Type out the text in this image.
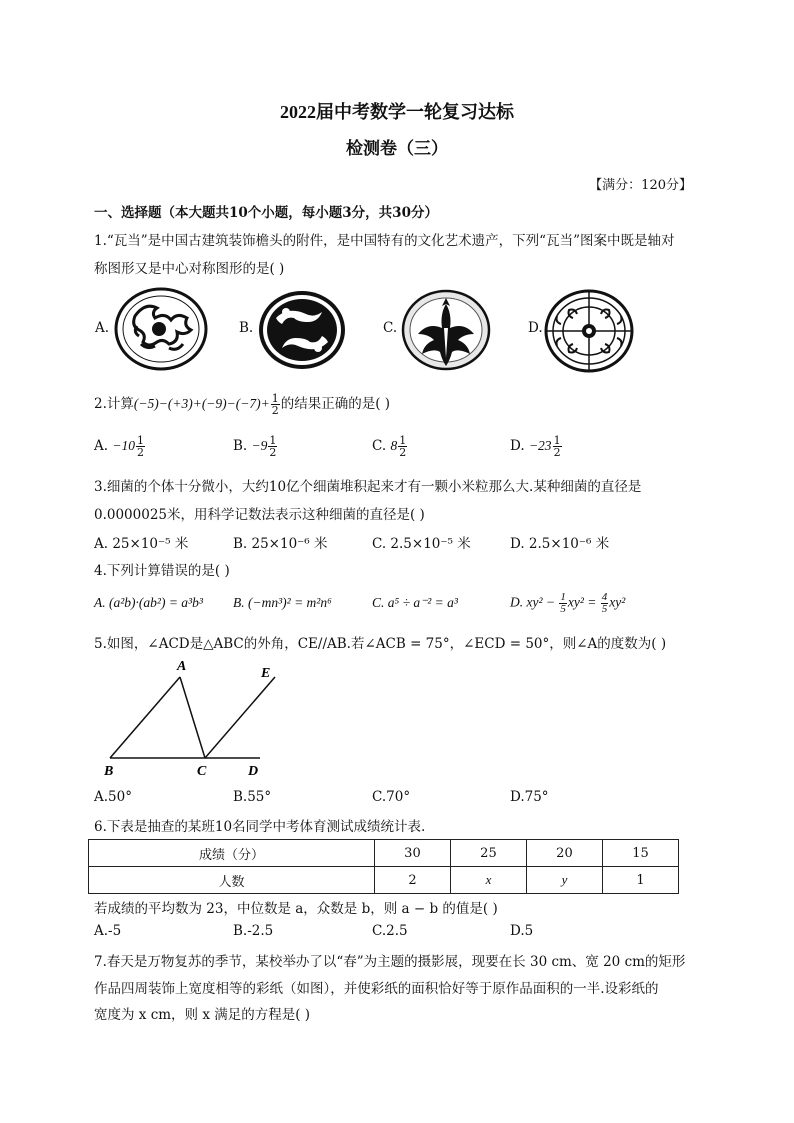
2022届中考数学一轮复习达标
检测卷（三）
【满分：120分】
一、选择题（本大题共10个小题，每小题3分，共30分）
1.“瓦当”是中国古建筑装饰檐头的附件，是中国特有的文化艺术遗产，下列“瓦当”图案中既是轴对
称图形又是中心对称图形的是( )
A.	B.	C.	D.
2.计算$(-5)-(+3)+(-9)-(-7)+ \frac{1}{2}$ 的结果正确的是( )
A. $-10 \frac{1}{2}$	B. $-9 \frac{1}{2}$	C. $8 \frac{1}{2}$	D. $-23 \frac{1}{2}$
3.细菌的个体十分微小，大约10亿个细菌堆积起来才有一颗小米粒那么大.某种细菌的直径是
0.0000025米，用科学记数法表示这种细菌的直径是( )
A. 25×10⁻⁵ 米	B. 25×10⁻⁶ 米	C. 2.5×10⁻⁵ 米	D. 2.5×10⁻⁶ 米
4.下列计算错误的是( )
A. (a²b)·(ab²) = a³b³ B. (−mn³)² = m²n⁶	C. a⁵ ÷ a⁻² = a³	D. $xy^2 - \frac{1}{5} xy^2 = \frac{4}{5} xy^2$
5.如图，∠ACD是△ABC的外角，CE//AB.若∠ACB = 75°，∠ECD = 50°，则∠A的度数为( )
A	E
B	C	D
A.50°	B.55°	C.70°	D.75°
6.下表是抽查的某班10名同学中考体育测试成绩统计表.
成绩（分）	30	25	20	15
人数	2	x	y	1
若成绩的平均数为 23，中位数是 a，众数是 b，则 a − b 的值是( )
A.-5	B.-2.5	C.2.5	D.5
7.春天是万物复苏的季节，某校举办了以“春”为主题的摄影展，现要在长 30 cm、宽 20 cm的矩形
作品四周装饰上宽度相等的彩纸（如图），并使彩纸的面积恰好等于原作品面积的一半.设彩纸的
宽度为 x cm，则 x 满足的方程是( )
